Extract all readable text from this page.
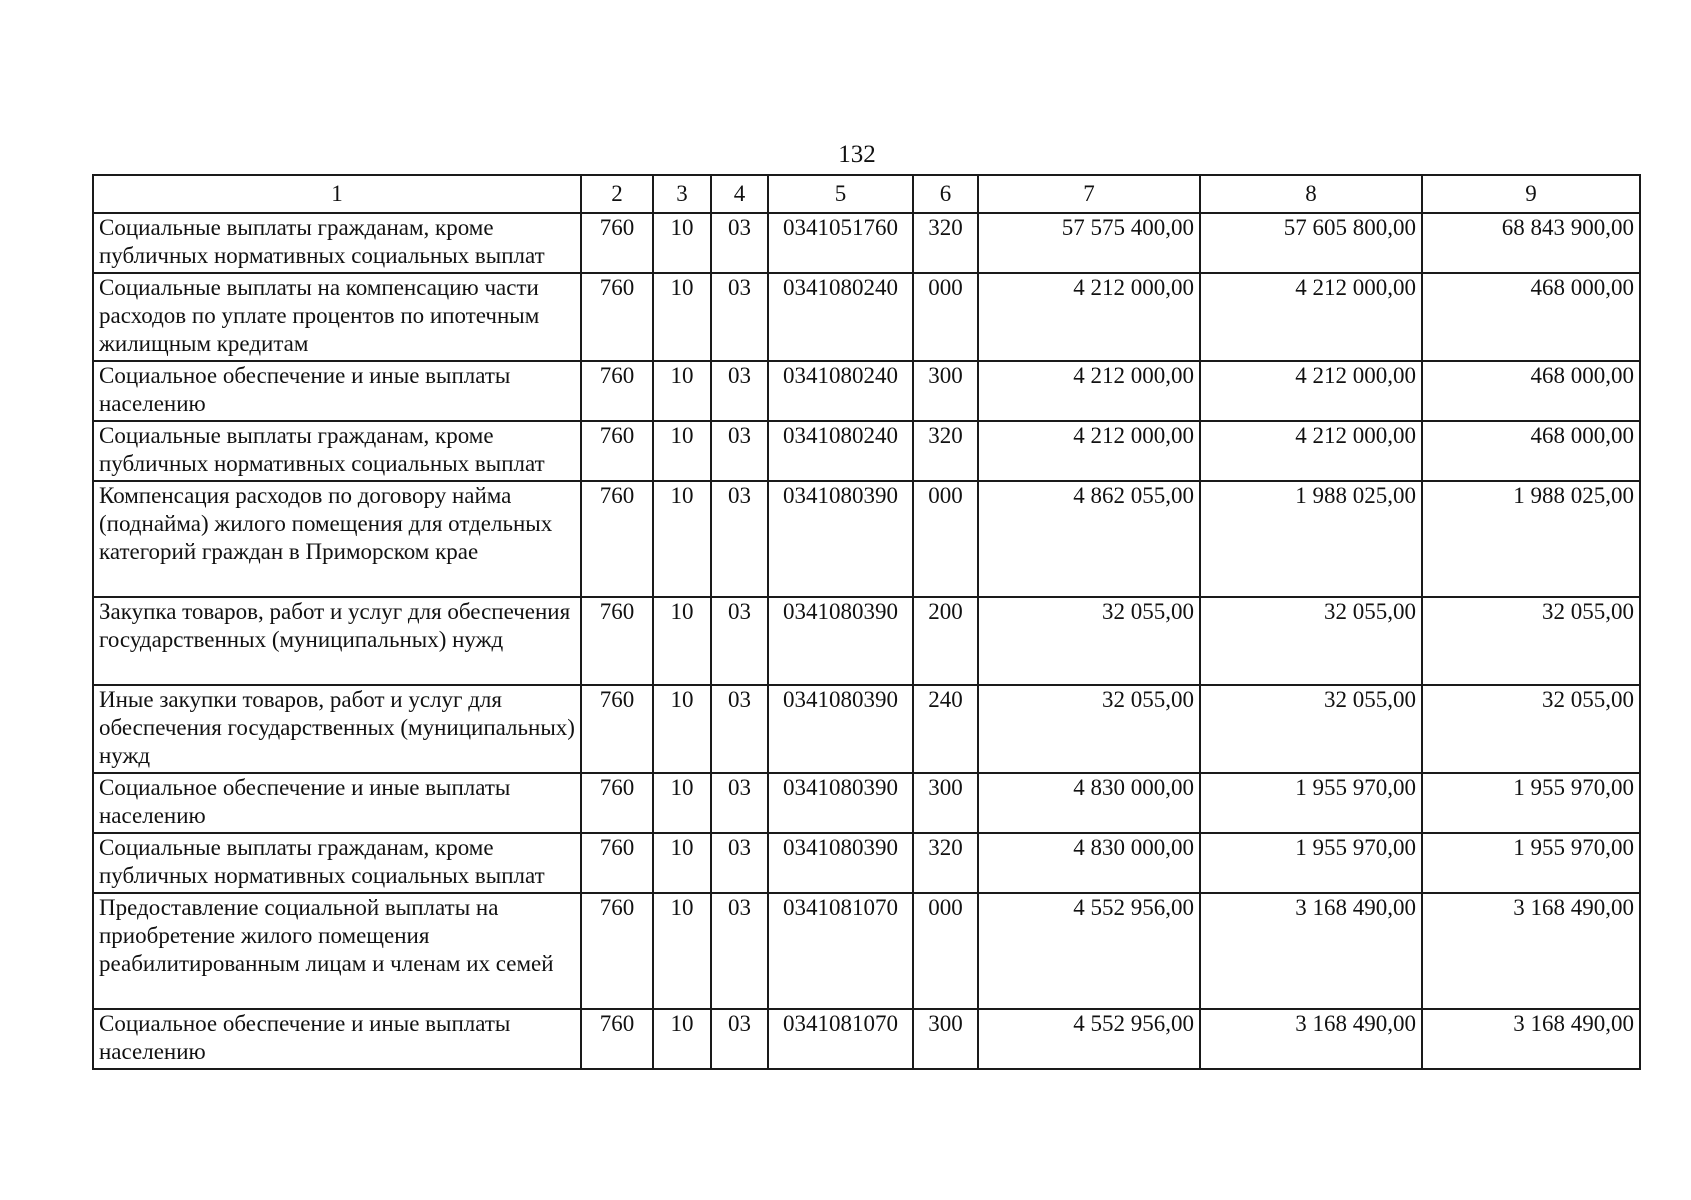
132
1	2	3	4	5	6	7	8	9
Социальные выплаты гражданам, кроме публичных нормативных социальных выплат	760	10	03	0341051760	320	57 575 400,00	57 605 800,00	68 843 900,00
Социальные выплаты на компенсацию части расходов по уплате процентов по ипотечным жилищным кредитам	760	10	03	0341080240	000	4 212 000,00	4 212 000,00	468 000,00
Социальное обеспечение и иные выплаты населению	760	10	03	0341080240	300	4 212 000,00	4 212 000,00	468 000,00
Социальные выплаты гражданам, кроме публичных нормативных социальных выплат	760	10	03	0341080240	320	4 212 000,00	4 212 000,00	468 000,00
Компенсация расходов по договору найма (поднайма) жилого помещения для отдельных категорий граждан в Приморском крае	760	10	03	0341080390	000	4 862 055,00	1 988 025,00	1 988 025,00
Закупка товаров, работ и услуг для обеспечения государственных (муниципальных) нужд	760	10	03	0341080390	200	32 055,00	32 055,00	32 055,00
Иные закупки товаров, работ и услуг для обеспечения государственных (муниципальных) нужд	760	10	03	0341080390	240	32 055,00	32 055,00	32 055,00
Социальное обеспечение и иные выплаты населению	760	10	03	0341080390	300	4 830 000,00	1 955 970,00	1 955 970,00
Социальные выплаты гражданам, кроме публичных нормативных социальных выплат	760	10	03	0341080390	320	4 830 000,00	1 955 970,00	1 955 970,00
Предоставление социальной выплаты на приобретение жилого помещения реабилитированным лицам и членам их семей	760	10	03	0341081070	000	4 552 956,00	3 168 490,00	3 168 490,00
Социальное обеспечение и иные выплаты населению	760	10	03	0341081070	300	4 552 956,00	3 168 490,00	3 168 490,00
